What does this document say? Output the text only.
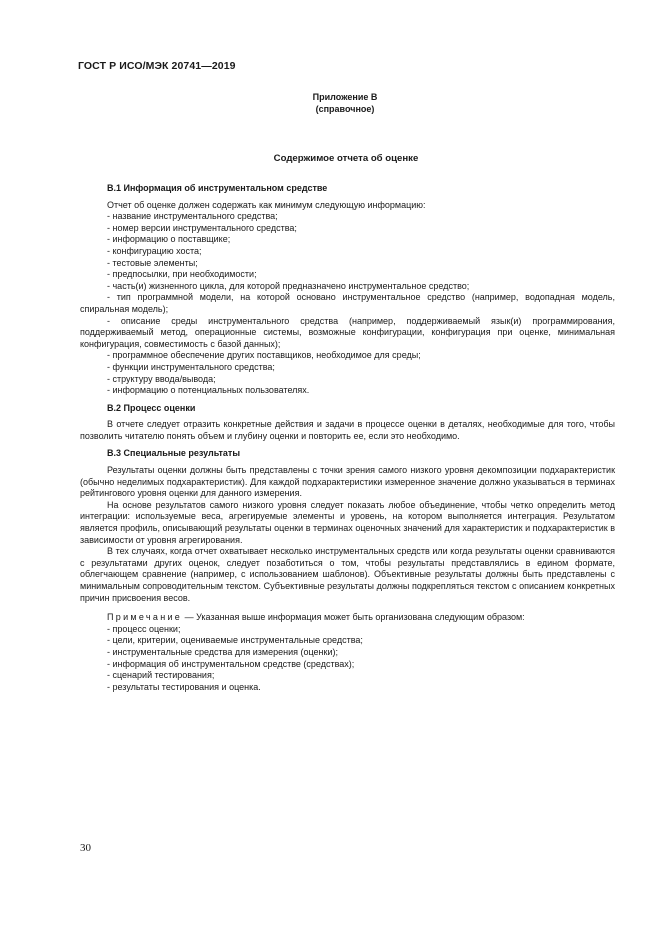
ГОСТ Р ИСО/МЭК 20741—2019
Приложение В
(справочное)
Содержимое отчета об оценке
В.1 Информация об инструментальном средстве

Отчет об оценке должен содержать как минимум следующую информацию:

- название инструментального средства;

- номер версии инструментального средства;

- информацию о поставщике;

- конфигурацию хоста;

- тестовые элементы;

- предпосылки, при необходимости;

- часть(и) жизненного цикла, для которой предназначено инструментальное средство;

- тип программной модели, на которой основано инструментальное средство (например, водопадная модель, спиральная модель);

- описание среды инструментального средства (например, поддерживаемый язык(и) программирования, поддерживаемый метод, операционные системы, возможные конфигурации, конфигурация при оценке, минимальная конфигурация, совместимость с базой данных);

- программное обеспечение других поставщиков, необходимое для среды;

- функции инструментального средства;

- структуру ввода/вывода;

- информацию о потенциальных пользователях.

В.2 Процесс оценки

В отчете следует отразить конкретные действия и задачи в процессе оценки в деталях, необходимые для того, чтобы позволить читателю понять объем и глубину оценки и повторить ее, если это необходимо.

В.3 Специальные результаты

Результаты оценки должны быть представлены с точки зрения самого низкого уровня декомпозиции подхарактеристик (обычно неделимых подхарактеристик). Для каждой подхарактеристики измеренное значение должно указываться в терминах рейтингового уровня оценки для данного измерения.

На основе результатов самого низкого уровня следует показать любое объединение, чтобы четко определить метод интеграции: используемые веса, агрегируемые элементы и уровень, на котором выполняется интеграция. Результатом является профиль, описывающий результаты оценки в терминах оценочных значений для характеристик и подхарактеристик в зависимости от уровня агрегирования.

В тех случаях, когда отчет охватывает несколько инструментальных средств или когда результаты оценки сравниваются с результатами других оценок, следует позаботиться о том, чтобы результаты представлялись в едином формате, облегчающем сравнение (например, с использованием шаблонов). Объективные результаты должны быть представлены с минимальным сопроводительным текстом. Субъективные результаты должны подкрепляться текстом с описанием конкретных причин присвоения весов.

Примечание — Указанная выше информация может быть организована следующим образом:

- процесс оценки;

- цели, критерии, оцениваемые инструментальные средства;

- инструментальные средства для измерения (оценки);

- информация об инструментальном средстве (средствах);

- сценарий тестирования;

- результаты тестирования и оценка.

30
